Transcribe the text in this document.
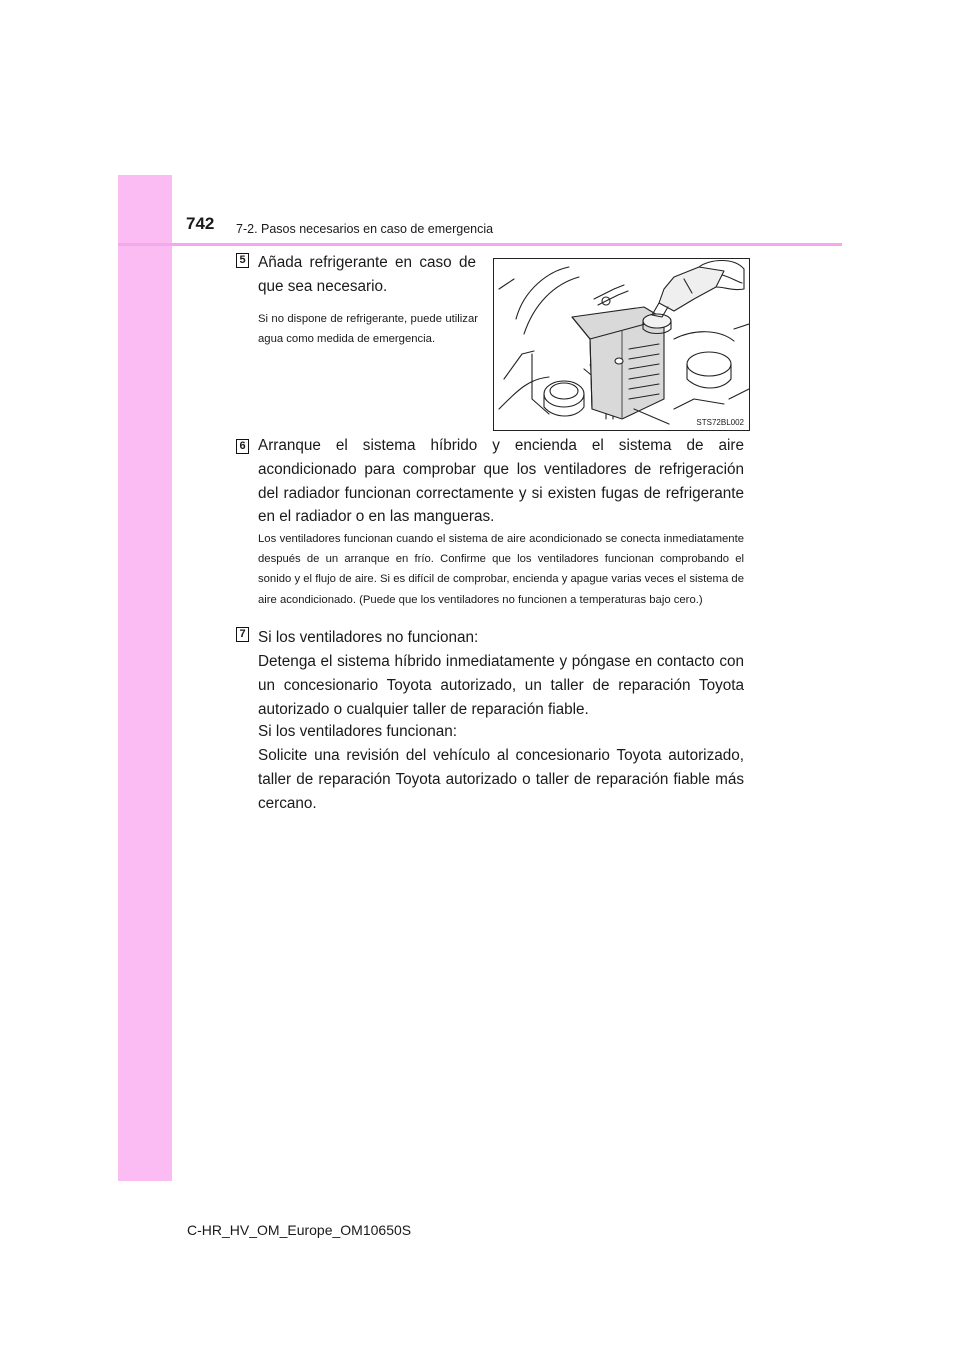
742 7-2. Pasos necesarios en caso de emergencia
5 Añada refrigerante en caso de que sea necesario.
Si no dispone de refrigerante, puede utilizar agua como medida de emergencia.
STS72BL002
6 Arranque el sistema híbrido y encienda el sistema de aire acondicionado para comprobar que los ventiladores de refrigeración del radiador funcionan correctamente y si existen fugas de refrigerante en el radiador o en las mangueras.
Los ventiladores funcionan cuando el sistema de aire acondicionado se conecta inmediatamente después de un arranque en frío. Confirme que los ventiladores funcionan comprobando el sonido y el flujo de aire. Si es difícil de comprobar, encienda y apague varias veces el sistema de aire acondicionado. (Puede que los ventiladores no funcionen a temperaturas bajo cero.)
7 Si los ventiladores no funcionan:
Detenga el sistema híbrido inmediatamente y póngase en contacto con un concesionario Toyota autorizado, un taller de reparación Toyota autorizado o cualquier taller de reparación fiable.
Si los ventiladores funcionan:
Solicite una revisión del vehículo al concesionario Toyota autorizado, taller de reparación Toyota autorizado o taller de reparación fiable más cercano.
C-HR_HV_OM_Europe_OM10650S
